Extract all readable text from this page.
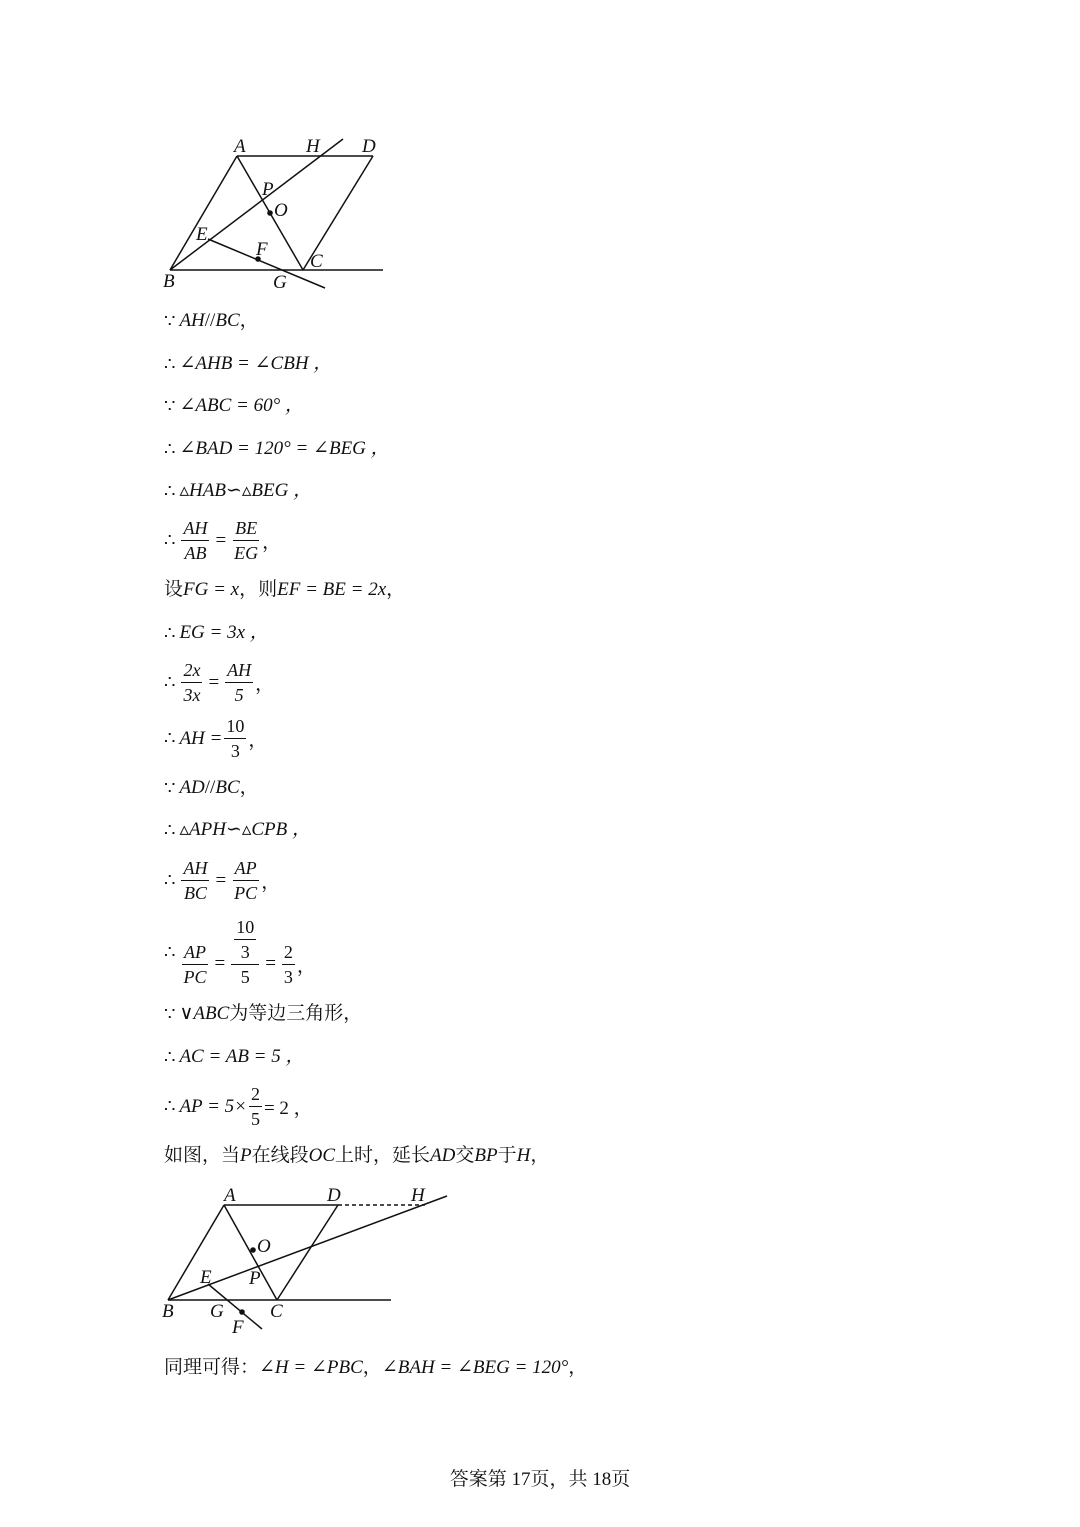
A	H D
P
O
E
F
C
B	G
∵ AH // BC ，
∴ ∠AHB = ∠CBH ，
∵ ∠ABC = 60° ，
∴ ∠BAD = 120° = ∠BEG ，
∴ ▵HAB∽▵BEG ，
∴ $\frac{AH}{AB} = \frac{BE}{EG}$ ，
设 FG = x ，则 EF = BE = 2x ，
∴ EG = 3x ，
∴ $\frac{2x}{3x} = \frac{AH}{5}$ ，
∴ AH = $\frac{10}{3}$ ，
∵ AD // BC ，
∴ ▵APH∽▵CPB ，
∴ $\frac{AH}{BC} = \frac{AP}{PC}$ ，
∴ $\frac{AP}{PC} = 10$
3
$5 = \frac{2}{3}$ ，
∵ ∨ ABC 为等边三角形，
∴ AC = AB = 5 ，
∴ AP = $5\times \frac{2}{5} = 2$ ，
如图，当 P 在线段 OC 上时，延长 AD 交 BP 于 H ，
A	D	H
O
E P
B G C
F
同理可得： ∠H = ∠PBC ， ∠BAH = ∠BEG = 120° ，
答案第 17页，共 18页
